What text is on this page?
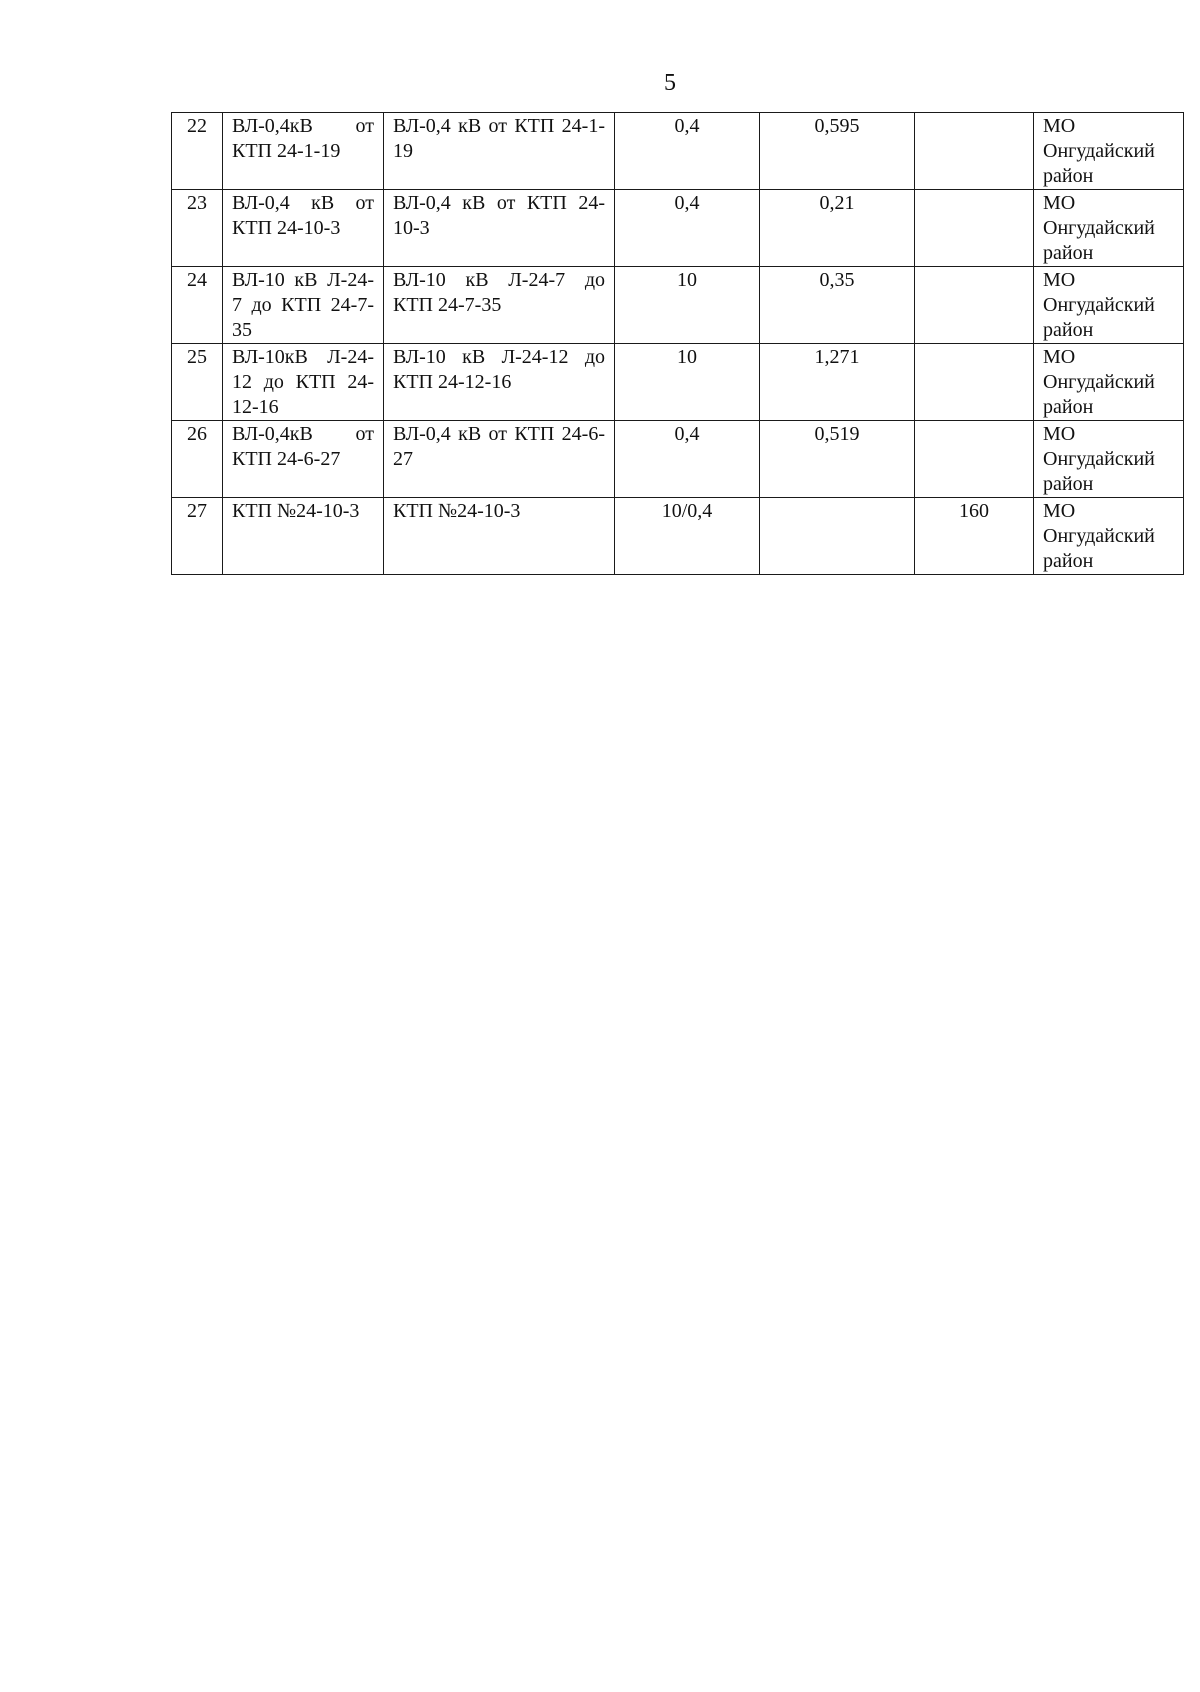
5
22	ВЛ-0,4кВ от КТП 24-1-19	ВЛ-0,4 кВ от КТП 24-1-19	0,4	0,595		МО Онгудайский район
23	ВЛ-0,4 кВ от КТП 24-10-3	ВЛ-0,4 кВ от КТП 24-10-3	0,4	0,21		МО Онгудайский район
24	ВЛ-10 кВ Л-24-7 до КТП 24-7-35	ВЛ-10 кВ Л-24-7 до КТП 24-7-35	10	0,35		МО Онгудайский район
25	ВЛ-10кВ Л-24-12 до КТП 24-12-16	ВЛ-10 кВ Л-24-12 до КТП 24-12-16	10	1,271		МО Онгудайский район
26	ВЛ-0,4кВ от КТП 24-6-27	ВЛ-0,4 кВ от КТП 24-6-27	0,4	0,519		МО Онгудайский район
27	КТП №24-10-3	КТП №24-10-3	10/0,4		160	МО Онгудайский район
